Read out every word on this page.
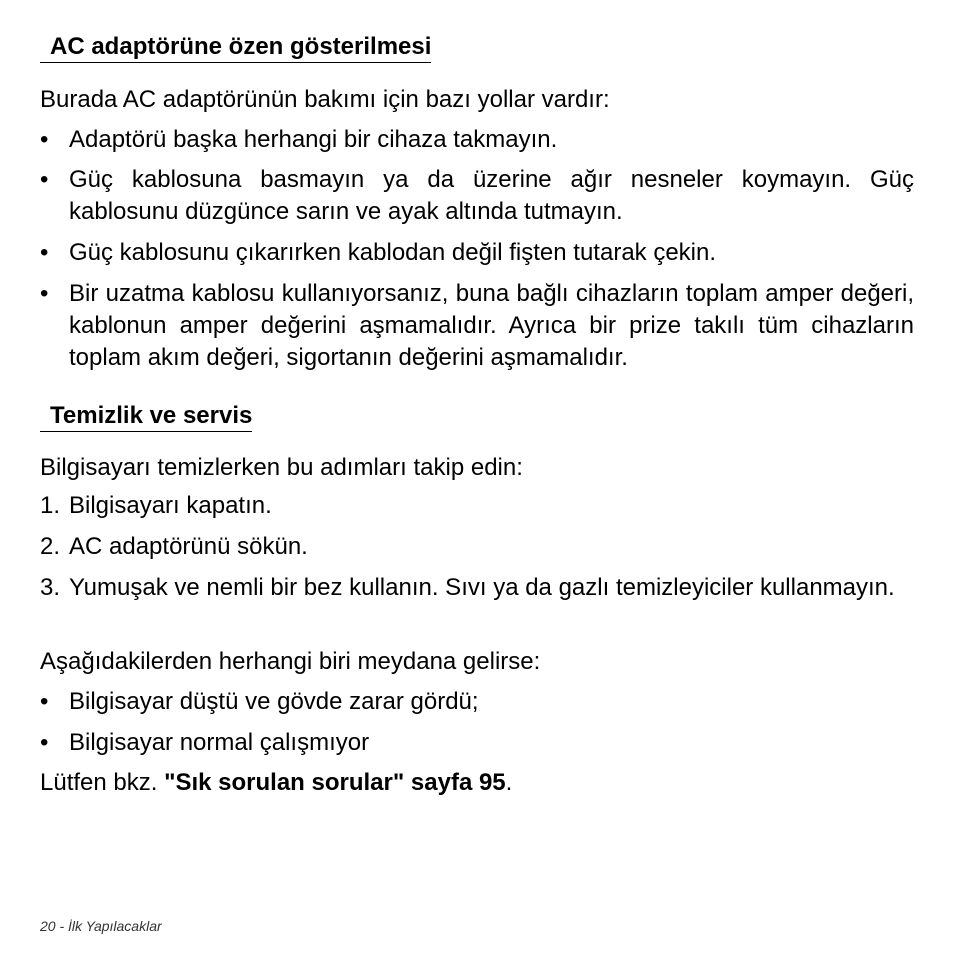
AC adaptörüne özen gösterilmesi

Burada AC adaptörünün bakımı için bazı yollar vardır:

• Adaptörü başka herhangi bir cihaza takmayın.
• Güç kablosuna basmayın ya da üzerine ağır nesneler koymayın. Güç kablosunu düzgünce sarın ve ayak altında tutmayın.
• Güç kablosunu çıkarırken kablodan değil fişten tutarak çekin.
• Bir uzatma kablosu kullanıyorsanız, buna bağlı cihazların toplam amper değeri, kablonun amper değerini aşmamalıdır. Ayrıca bir prize takılı tüm cihazların toplam akım değeri, sigortanın değerini aşmamalıdır.
Temizlik ve servis

Bilgisayarı temizlerken bu adımları takip edin:

1. Bilgisayarı kapatın.
2. AC adaptörünü sökün.
3. Yumuşak ve nemli bir bez kullanın. Sıvı ya da gazlı temizleyiciler kullanmayın.

Aşağıdakilerden herhangi biri meydana gelirse:

• Bilgisayar düştü ve gövde zarar gördü;
• Bilgisayar normal çalışmıyor

Lütfen bkz. "Sık sorulan sorular" sayfa 95.

20 - İlk Yapılacaklar
